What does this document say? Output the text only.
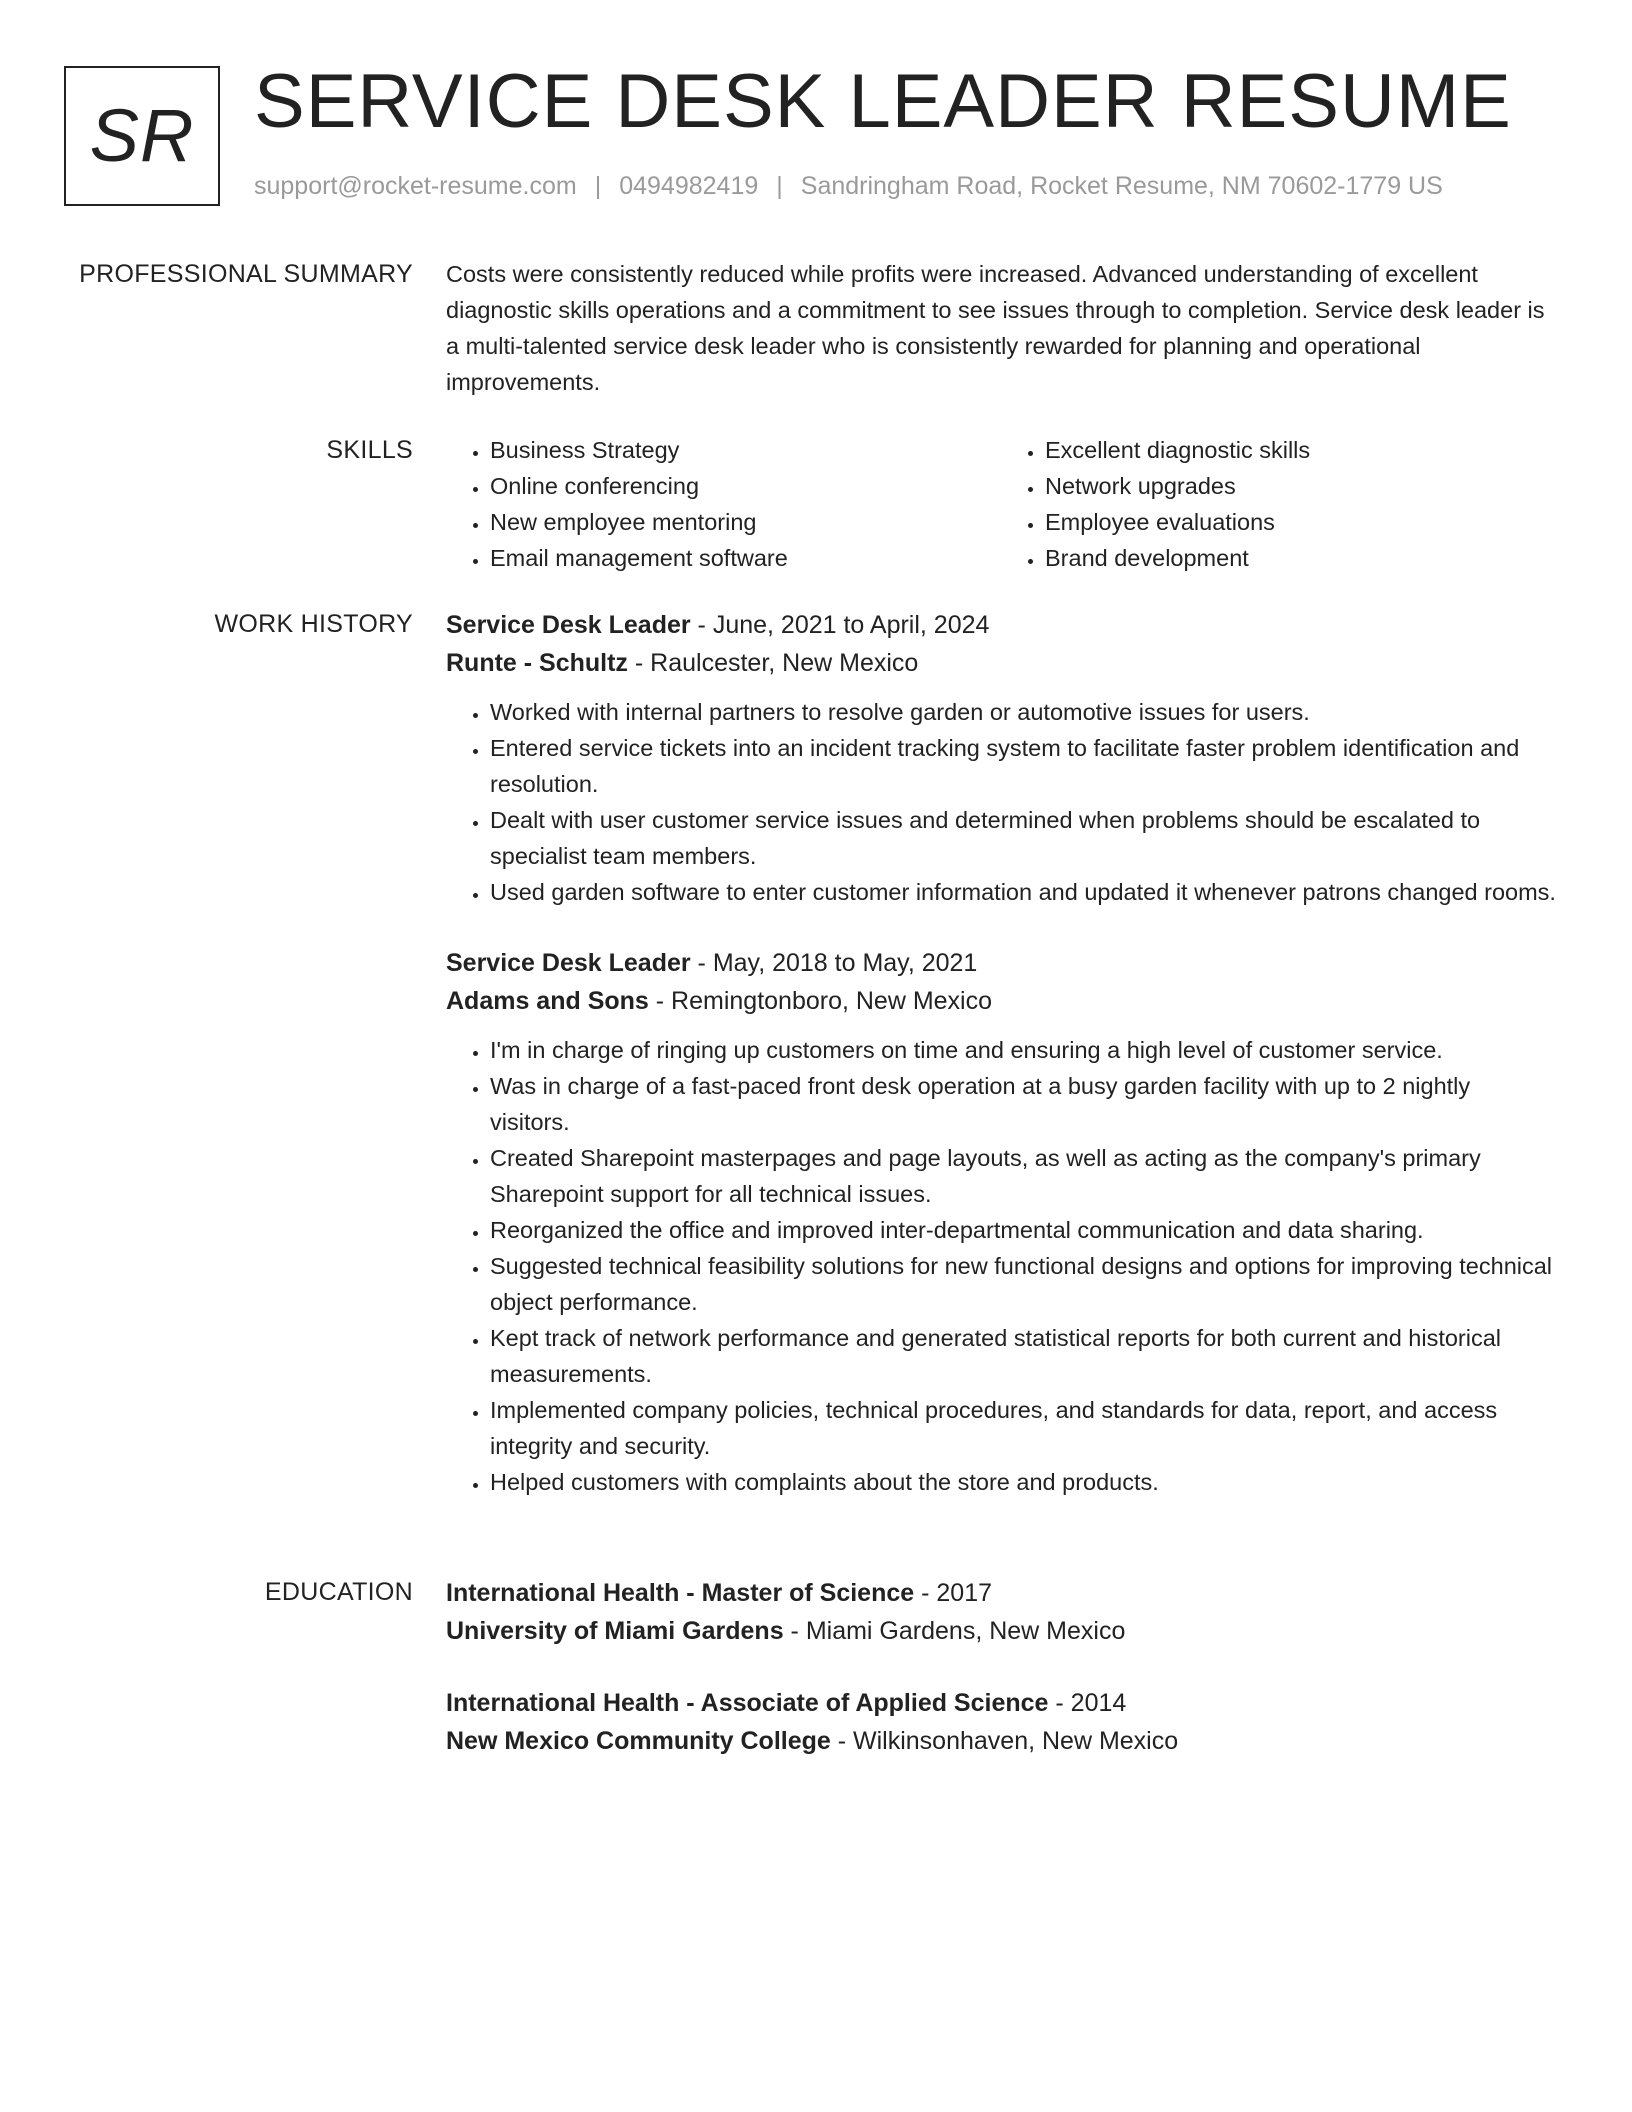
SR SERVICE DESK LEADER RESUME
support@rocket-resume.com | 0494982419 | Sandringham Road, Rocket Resume, NM 70602-1779 US
PROFESSIONAL SUMMARY Costs were consistently reduced while profits were increased. Advanced understanding of excellent diagnostic skills operations and a commitment to see issues through to completion. Service desk leader is a multi-talented service desk leader who is consistently rewarded for planning and operational improvements.

SKILLS
•	Business Strategy
• Online conferencing
• New employee mentoring
• Email management software
• Excellent diagnostic skills
• Network upgrades
• Employee evaluations
• Brand development
WORK HISTORY Service Desk Leader - June, 2021 to April, 2024
Runte - Schultz - Raulcester, New Mexico
• Worked with internal partners to resolve garden or automotive issues for users.
• Entered service tickets into an incident tracking system to facilitate faster problem identification and resolution.
• Dealt with user customer service issues and determined when problems should be escalated to specialist team members.
• Used garden software to enter customer information and updated it whenever patrons changed rooms.
Service Desk Leader - May, 2018 to May, 2021
Adams and Sons - Remingtonboro, New Mexico
• I'm in charge of ringing up customers on time and ensuring a high level of customer service.
• Was in charge of a fast-paced front desk operation at a busy garden facility with up to 2 nightly visitors.
• Created Sharepoint masterpages and page layouts, as well as acting as the company's primary Sharepoint support for all technical issues.
• Reorganized the office and improved inter-departmental communication and data sharing.
• Suggested technical feasibility solutions for new functional designs and options for improving technical object performance.
• Kept track of network performance and generated statistical reports for both current and historical measurements.
• Implemented company policies, technical procedures, and standards for data, report, and access integrity and security.
• Helped customers with complaints about the store and products.
EDUCATION International Health - Master of Science - 2017
University of Miami Gardens - Miami Gardens, New Mexico
International Health - Associate of Applied Science - 2014
New Mexico Community College - Wilkinsonhaven, New Mexico
